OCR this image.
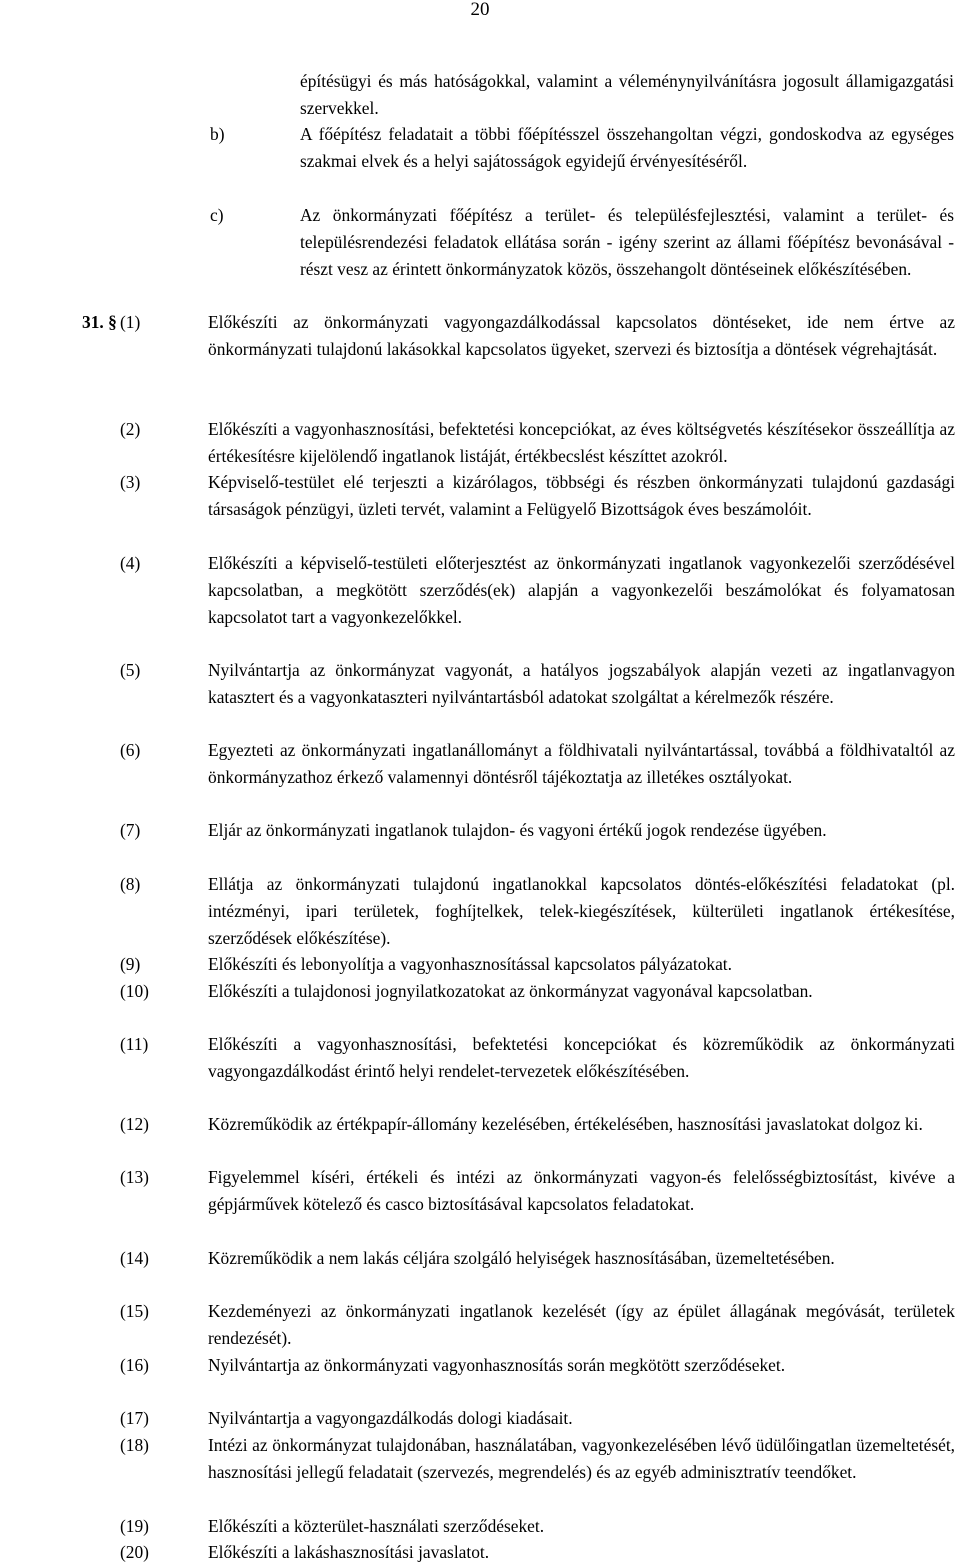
20
építésügyi és más hatóságokkal, valamint a véleménynyilvánításra jogosult államigazgatási szervekkel.
b)	A főépítész feladatait a többi főépítésszel összehangoltan végzi, gondoskodva az egységes szakmai elvek és a helyi sajátosságok egyidejű érvényesítéséről.
c)	Az önkormányzati főépítész a terület- és településfejlesztési, valamint a terület- és településrendezési feladatok ellátása során - igény szerint az állami főépítész bevonásával - részt vesz az érintett önkormányzatok közös, összehangolt döntéseinek előkészítésében.
31. § (1)	Előkészíti az önkormányzati vagyongazdálkodással kapcsolatos döntéseket, ide nem értve az önkormányzati tulajdonú lakásokkal kapcsolatos ügyeket, szervezi és biztosítja a döntések végrehajtását.
(2)	Előkészíti a vagyonhasznosítási, befektetési koncepciókat, az éves költségvetés készítésekor összeállítja az értékesítésre kijelölendő ingatlanok listáját, értékbecslést készíttet azokról.
(3)	Képviselő-testület elé terjeszti a kizárólagos, többségi és részben önkormányzati tulajdonú gazdasági társaságok pénzügyi, üzleti tervét, valamint a Felügyelő Bizottságok éves beszámolóit.
(4)	Előkészíti a képviselő-testületi előterjesztést az önkormányzati ingatlanok vagyonkezelői szerződésével kapcsolatban, a megkötött szerződés(ek) alapján a vagyonkezelői beszámolókat és folyamatosan kapcsolatot tart a vagyonkezelőkkel.
(5)	Nyilvántartja az önkormányzat vagyonát, a hatályos jogszabályok alapján vezeti az ingatlanvagyon katasztert és a vagyonkataszteri nyilvántartásból adatokat szolgáltat a kérelmezők részére.
(6)	Egyezteti az önkormányzati ingatlanállományt a földhivatali nyilvántartással, továbbá a földhivataltól az önkormányzathoz érkező valamennyi döntésről tájékoztatja az illetékes osztályokat.
(7)	Eljár az önkormányzati ingatlanok tulajdon- és vagyoni értékű jogok rendezése ügyében.
(8)	Ellátja az önkormányzati tulajdonú ingatlanokkal kapcsolatos döntés-előkészítési feladatokat (pl. intézményi, ipari területek, foghíjtelkek, telek-kiegészítések, külterületi ingatlanok értékesítése, szerződések előkészítése).
(9)	Előkészíti és lebonyolítja a vagyonhasznosítással kapcsolatos pályázatokat.
(10)	Előkészíti a tulajdonosi jognyilatkozatokat az önkormányzat vagyonával kapcsolatban.
(11)	Előkészíti a vagyonhasznosítási, befektetési koncepciókat és közreműködik az önkormányzati vagyongazdálkodást érintő helyi rendelet-tervezetek előkészítésében.
(12)	Közreműködik az értékpapír-állomány kezelésében, értékelésében, hasznosítási javaslatokat dolgoz ki.
(13)	Figyelemmel kíséri, értékeli és intézi az önkormányzati vagyon-és felelősségbiztosítást, kivéve a gépjárművek kötelező és casco biztosításával kapcsolatos feladatokat.
(14)	Közreműködik a nem lakás céljára szolgáló helyiségek hasznosításában, üzemeltetésében.
(15)	Kezdeményezi az önkormányzati ingatlanok kezelését (így az épület állagának megóvását, területek rendezését).
(16)	Nyilvántartja az önkormányzati vagyonhasznosítás során megkötött szerződéseket.
(17)	Nyilvántartja a vagyongazdálkodás dologi kiadásait.
(18)	Intézi az önkormányzat tulajdonában, használatában, vagyonkezelésében lévő üdülőingatlan üzemeltetését, hasznosítási jellegű feladatait (szervezés, megrendelés) és az egyéb adminisztratív teendőket.
(19)	Előkészíti a közterület-használati szerződéseket.
(20)	Előkészíti a lakáshasznosítási javaslatot.
